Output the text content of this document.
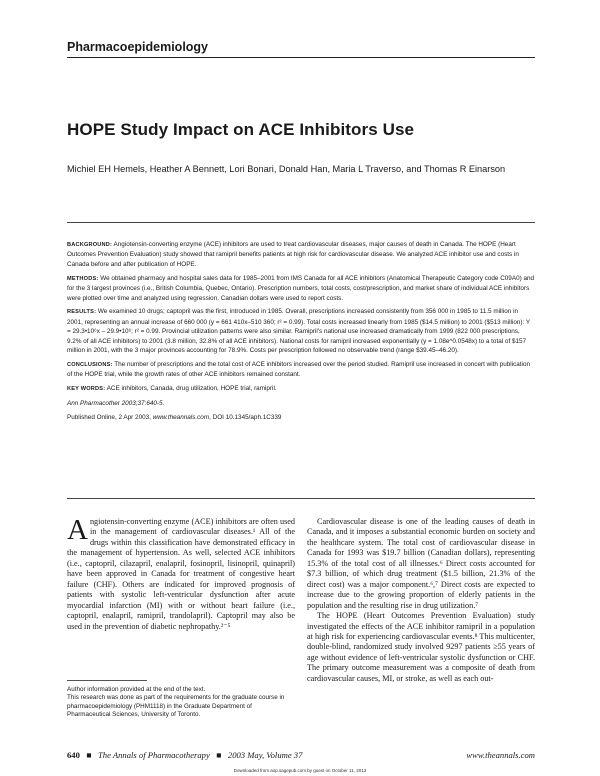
Pharmacoepidemiology
HOPE Study Impact on ACE Inhibitors Use
Michiel EH Hemels, Heather A Bennett, Lori Bonari, Donald Han, Maria L Traverso, and Thomas R Einarson

BACKGROUND: Angiotensin-converting enzyme (ACE) inhibitors are used to treat cardiovascular diseases, major causes of death in Canada. The HOPE (Heart Outcomes Prevention Evaluation) study showed that ramipril benefits patients at high risk for cardiovascular disease. We analyzed ACE inhibitor use and costs in Canada before and after publication of HOPE.

METHODS: We obtained pharmacy and hospital sales data for 1985–2001 from IMS Canada for all ACE inhibitors (Anatomical Therapeutic Category code C09A0) and for the 3 largest provinces (i.e., British Columbia, Quebec, Ontario). Prescription numbers, total costs, cost/prescription, and market share of individual ACE inhibitors were plotted over time and analyzed using regression. Canadian dollars were used to report costs.

RESULTS: We examined 10 drugs; captopril was the first, introduced in 1985. Overall, prescriptions increased consistently from 356 000 in 1985 to 11.5 million in 2001, representing an annual increase of 660 000 (y = 661 410x–510 360; r² = 0.99). Total costs increased linearly from 1985 ($14.5 million) to 2001 ($513 million): Y = 29.3•10⁶x – 29.9•10⁶; r² = 0.99. Provincial utilization patterns were also similar. Ramipril's national use increased dramatically from 1999 (822 000 prescriptions, 9.2% of all ACE inhibitors) to 2001 (3.8 million, 32.8% of all ACE inhibitors). National costs for ramipril increased exponentially (y = 1.08e^0.0548x) to a total of $157 million in 2001, with the 3 major provinces accounting for 78.9%. Costs per prescription followed no observable trend (range $39.45–46.20).

CONCLUSIONS: The number of prescriptions and the total cost of ACE inhibitors increased over the period studied. Ramipril use increased in concert with publication of the HOPE trial, while the growth rates of other ACE inhibitors remained constant.

KEY WORDS: ACE inhibitors, Canada, drug utilization, HOPE trial, ramipril.

Ann Pharmacother 2003;37:640-5.

Published Online, 2 Apr 2003, www.theannals.com, DOI 10.1345/aph.1C339

Angiotensin-converting enzyme (ACE) inhibitors are often used in the management of cardiovascular diseases.¹ All of the drugs within this classification have demonstrated efficacy in the management of hypertension. As well, selected ACE inhibitors (i.e., captopril, cilazapril, enalapril, fosinopril, lisinopril, quinapril) have been approved in Canada for treatment of congestive heart failure (CHF). Others are indicated for improved prognosis of patients with systolic left-ventricular dysfunction after acute myocardial infarction (MI) with or without heart failure (i.e., captopril, enalapril, ramipril, trandolapril). Captopril may also be used in the prevention of diabetic nephropathy.²⁻⁵

Cardiovascular disease is one of the leading causes of death in Canada, and it imposes a substantial economic burden on society and the healthcare system. The total cost of cardiovascular disease in Canada for 1993 was $19.7 billion (Canadian dollars), representing 15.3% of the total cost of all illnesses.⁶ Direct costs accounted for $7.3 billion, of which drug treatment ($1.5 billion, 21.3% of the direct cost) was a major component.⁶,⁷ Direct costs are expected to increase due to the growing proportion of elderly patients in the population and the resulting rise in drug utilization.⁷

The HOPE (Heart Outcomes Prevention Evaluation) study investigated the effects of the ACE inhibitor ramipril in a population at high risk for experiencing cardiovascular events.⁸ This multicenter, double-blind, randomized study involved 9297 patients ≥55 years of age without evidence of left-ventricular systolic dysfunction or CHF. The primary outcome measurement was a composite of death from cardiovascular causes, MI, or stroke, as well as each out-

Author information provided at the end of the text.

This research was done as part of the requirements for the graduate course in pharmacoepidemiology (PHM1118) in the Graduate Department of Pharmaceutical Sciences, University of Toronto.

640 ■ The Annals of Pharmacotherapy ■ 2003 May, Volume 37	www.theannals.com
Downloaded from aop.sagepub.com by guest on October 11, 2013
